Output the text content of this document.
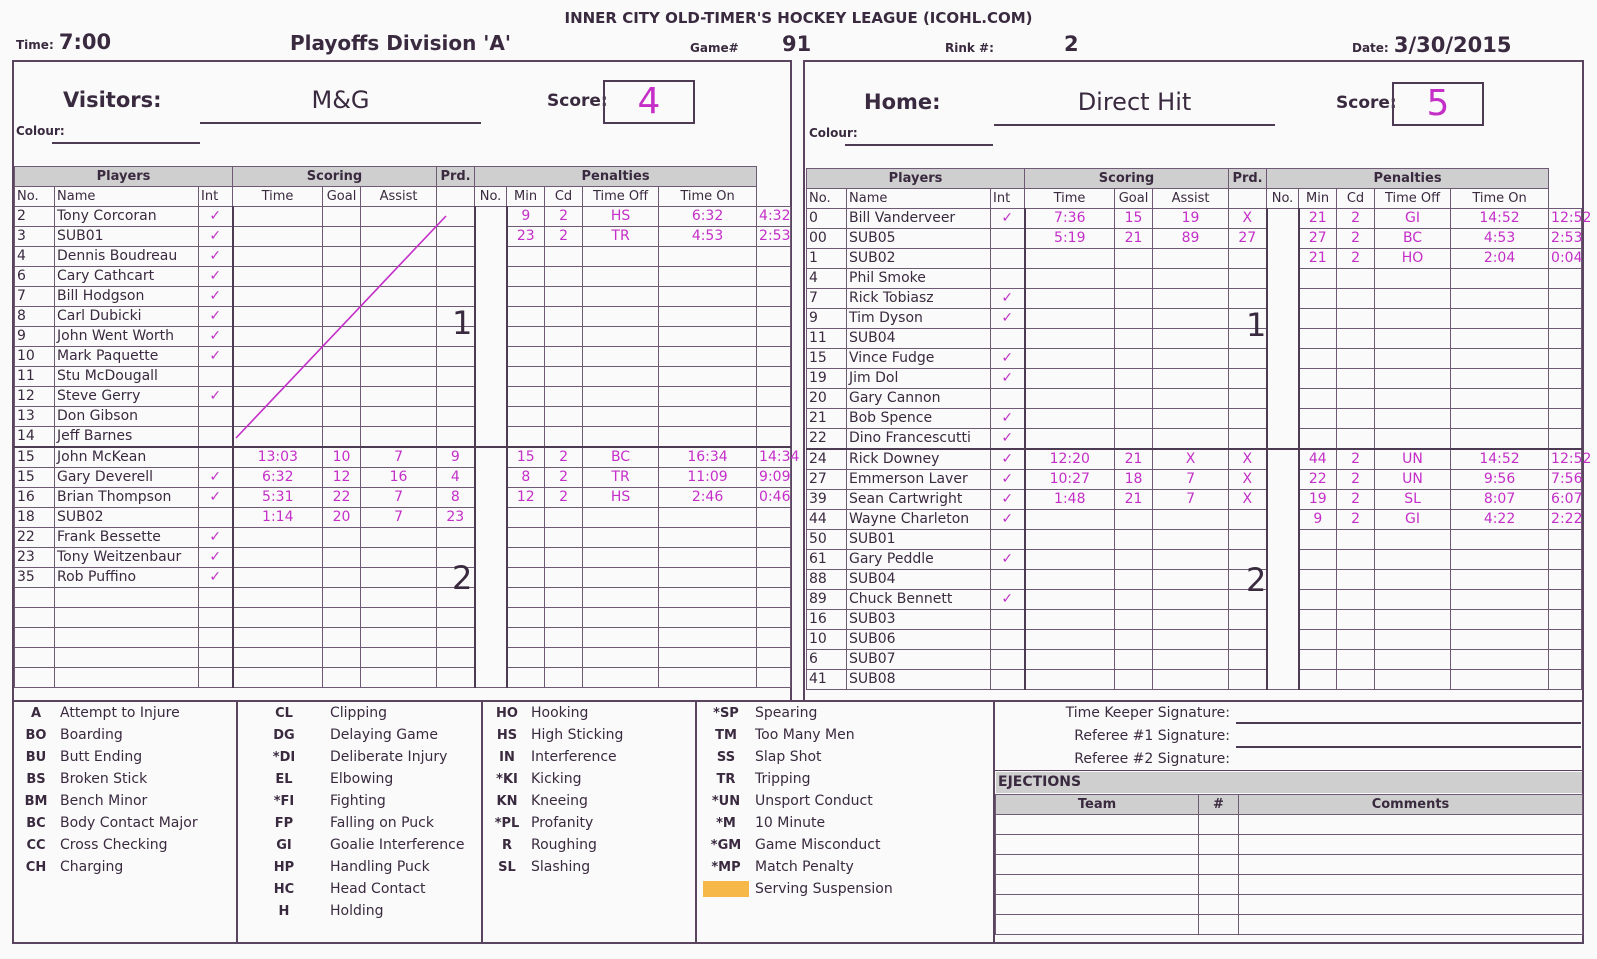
INNER CITY OLD-TIMER'S HOCKEY LEAGUE (ICOHL.COM)
Time: 7:00	Playoffs Division 'A'	Game# 91	Rink #:	2	Date: 3/30/2015
Visitors:	M&G	Score: 4
Colour:
Home:	Direct Hit	Score: 5
Colour:
Players			Scoring			Prd.	Penalties					
No.	Name	Int	Time	Goal	Assist		No.	Min	Cd	Time Off	Time On	
2	Tony Corcoran	✓						9	2	HS	6:32	4:32
3	SUB01	✓						23	2	TR	4:53	2:53
4	Dennis Boudreau	✓										
6	Cary Cathcart	✓										
7	Bill Hodgson	✓										
8	Carl Dubicki	✓										
9	John Went Worth	✓										
10	Mark Paquette	✓										
11	Stu McDougall											
12	Steve Gerry	✓										
13	Don Gibson											
14	Jeff Barnes											
15	John McKean		13:03	10	7	9		15	2	BC	16:34	14:34
15	Gary Deverell	✓	6:32	12	16	4		8	2	TR	11:09	9:09
16	Brian Thompson	✓	5:31	22	7	8		12	2	HS	2:46	0:46
18	SUB02		1:14	20	7	23						
22	Frank Bessette	✓										
23	Tony Weitzenbaur	✓										
35	Rob Puffino	✓										

Players			Scoring			Prd.	Penalties					
No.	Name	Int	Time	Goal	Assist		No.	Min	Cd	Time Off	Time On	
0	Bill Vanderveer	✓	7:36	15	19	X		21	2	GI	14:52	12:52
00	SUB05		5:19	21	89	27		27	2	BC	4:53	2:53
1	SUB02							21	2	HO	2:04	0:04
4	Phil Smoke											
7	Rick Tobiasz	✓										
9	Tim Dyson	✓										
11	SUB04											
15	Vince Fudge	✓										
19	Jim Dol	✓										
20	Gary Cannon											
21	Bob Spence	✓										
22	Dino Francescutti	✓										
24	Rick Downey	✓	12:20	21	X	X		44	2	UN	14:52	12:52
27	Emmerson Laver	✓	10:27	18	7	X		22	2	UN	9:56	7:56
39	Sean Cartwright	✓	1:48	21	7	X		19	2	SL	8:07	6:07
44	Wayne Charleton	✓						9	2	GI	4:22	2:22
50	SUB01											
61	Gary Peddle	✓										
88	SUB04											
89	Chuck Bennett	✓										
16	SUB03											
10	SUB06											
6	SUB07											
41	SUB08											
1
2
1
2
A Attempt to Injure
BO Boarding
BU Butt Ending
BS Broken Stick
BM Bench Minor
BC Body Contact Major
CC Cross Checking
CH Charging
CL	Clipping
DG	Delaying Game
*DI Deliberate Injury
EL	Elbowing
*FI	Fighting
FP	Falling on Puck
GI	Goalie Interference
HP	Handling Puck
HC	Head Contact
H	Holding
HO Hooking
HS High Sticking
IN Interference
*KI Kicking
KN Kneeing
*PL Profanity
R Roughing
SL Slashing
*SP Spearing
TM Too Many Men
SS Slap Shot
TR Tripping
*UN Unsport Conduct
*M 10 Minute
*GM Game Misconduct
*MP Match Penalty
Serving Suspension
Time Keeper Signature:
Referee #1 Signature:
Referee #2 Signature:
EJECTIONS
Team	#	Comments
